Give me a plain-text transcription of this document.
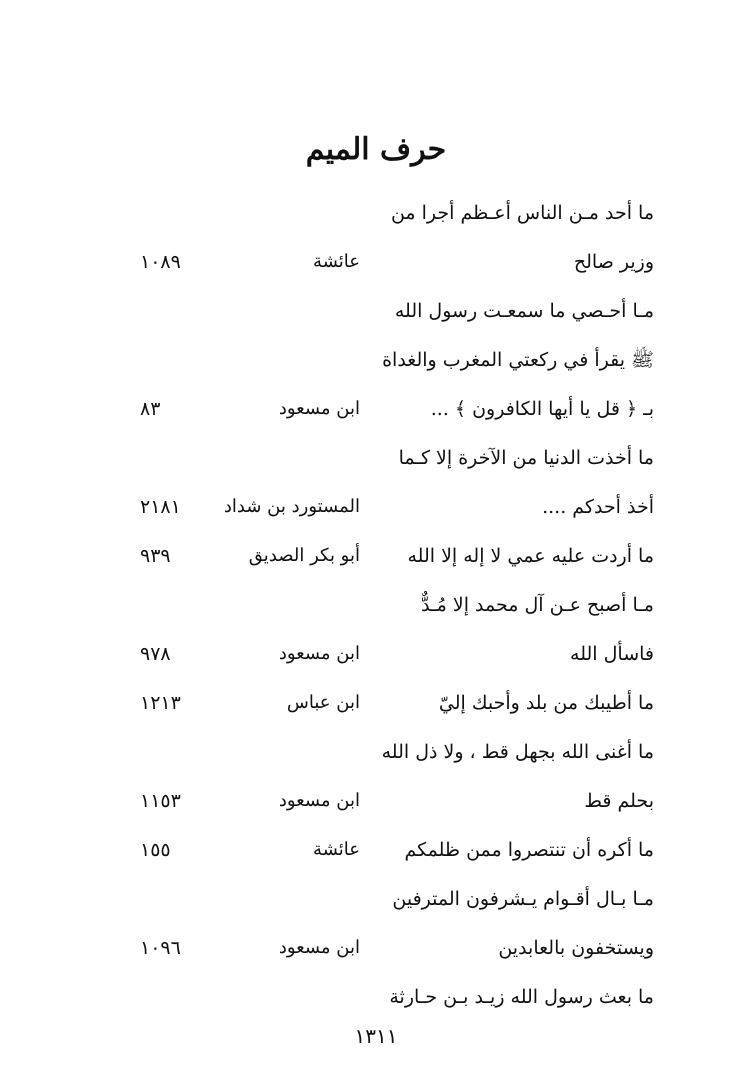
حرف الميم
ما أحد مـن الناس أعـظم أجرا من
وزير صالح
عائشة
١٠٨٩
مـا أحـصي ما سمعـت رسول الله
ﷺ يقرأ في ركعتي المغرب والغداة
بـ ﴿ قل يا أيها الكافرون ﴾ ...
ابن مسعود
٨٣
ما أخذت الدنيا من الآخرة إلا كـما
أخذ أحدكم ....
المستورد بن شداد
٢١٨١
ما أردت عليه عمي لا إله إلا الله
أبو بكر الصديق
٩٣٩
مـا أصبح عـن آل محمد إلا مُـدٌّ
فاسأل الله
ابن مسعود
٩٧٨
ما أطيبك من بلد وأحبك إليّ
ابن عباس
١٢١٣
ما أغنى الله بجهل قط ، ولا ذل الله
بحلم قط
ابن مسعود
١١٥٣
ما أكره أن تنتصروا ممن ظلمكم
عائشة
١٥٥
مـا بـال أقـوام يـشرفون المترفين
ويستخفون بالعابدين
ابن مسعود
١٠٩٦
ما بعث رسول الله زيـد بـن حـارثة
١٣١١
